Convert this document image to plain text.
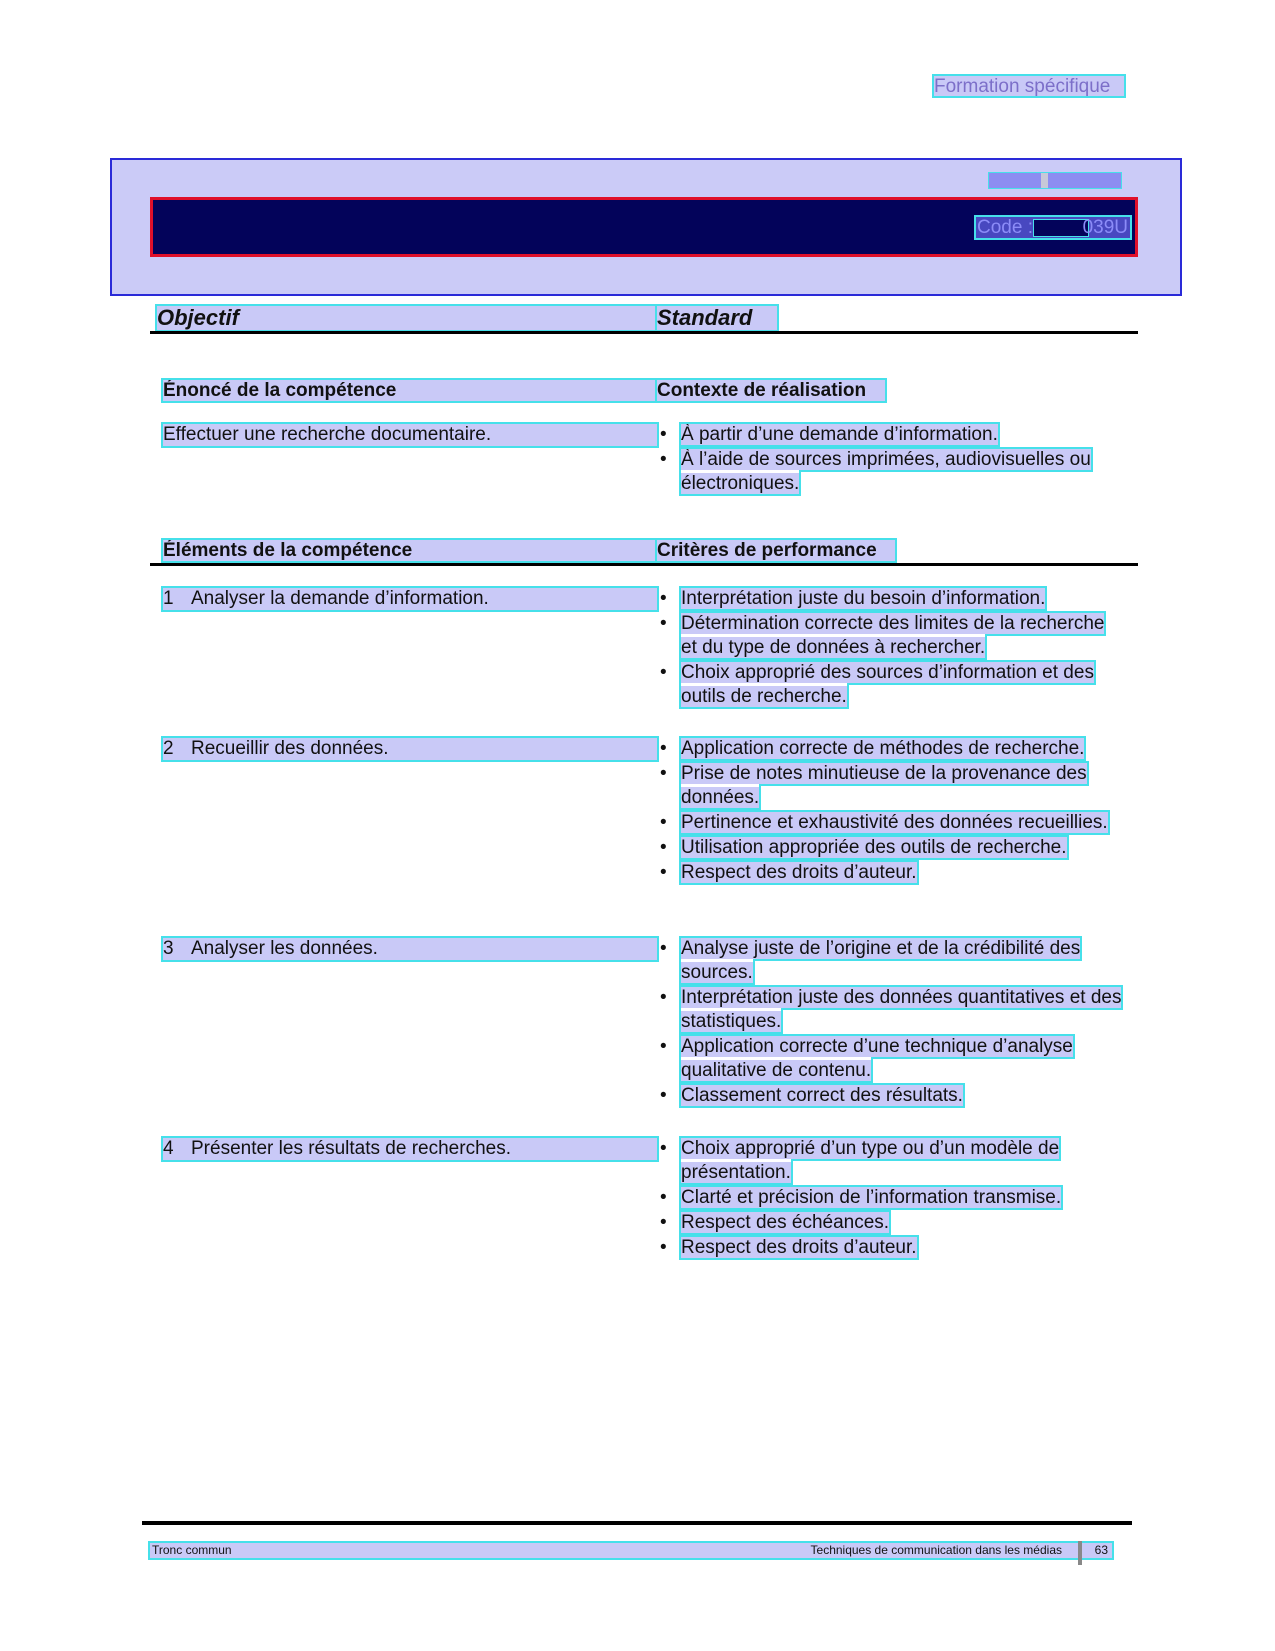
Formation spécifique
Code :	039U
Objectif	Standard
Énoncé de la compétence	Contexte de réalisation
Effectuer une recherche documentaire.	• À partir d’une demande d’information.
• À l’aide de sources imprimées, audiovisuelles ou électroniques.
Éléments de la compétence	Critères de performance
1 Analyser la demande d’information.	• Interprétation juste du besoin d’information.
• Détermination correcte des limites de la recherche et du type de données à rechercher.
• Choix approprié des sources d’information et des outils de recherche.
2 Recueillir des données.	• Application correcte de méthodes de recherche.
• Prise de notes minutieuse de la provenance des données.
• Pertinence et exhaustivité des données recueillies.
• Utilisation appropriée des outils de recherche.
• Respect des droits d’auteur.
3 Analyser les données.	• Analyse juste de l’origine et de la crédibilité des sources.
• Interprétation juste des données quantitatives et des statistiques.
• Application correcte d’une technique d’analyse qualitative de contenu.
• Classement correct des résultats.
4 Présenter les résultats de recherches.	• Choix approprié d’un type ou d’un modèle de présentation.
• Clarté et précision de l’information transmise.
• Respect des échéances.
• Respect des droits d’auteur.
Tronc commun	Techniques de communication dans les médias	63
